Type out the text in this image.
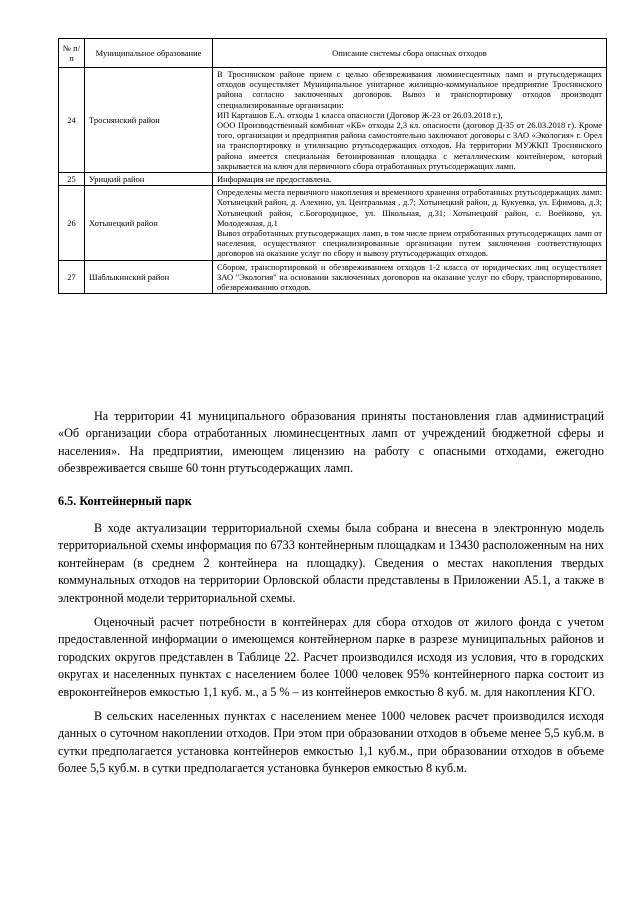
№ п/п	Муниципальное образование	Описание системы сбора опасных отходов
24	Троснянский район	В Троснянском районе прием с целью обезвреживания люминесцентных ламп и ртутьсодержащих отходов осуществляет Муниципальное унитарное жилищно-коммунальное предприятие Троснянского района согласно заключенных договоров. Вывоз и транспортировку отходов производят специализированные организации:
ИП Карташов Е.А. отходы 1 класса опасности (Договор Ж-23 от 26.03.2018 г.),
ООО Производственный комбинат «КБ» отходы 2,3 кл. опасности (договор Д-35 от 26.03.2018 г). Кроме того, организации и предприятия района самостоятельно заключают договоры с ЗАО «Экология» г. Орел на транспортировку и утилизацию ртутьсодержащих отходов. На территории МУЖКП Троснянского района имеется специальная бетонированная площадка с металлическим контейнером, который закрывается на ключ для первичного сбора отработанных ртутьсодержащих ламп.

25	Урицкий район	Информация не предоставлена.

26	Хотынецкий район	Определены места первичного накопления и временного хранения отработанных ртутьсодержащих ламп: Хотынецкий район, д. Алехино, ул. Центральная , д.7; Хотынецкий район, д. Кукуевка, ул. Ефимова, д.3; Хотынецкий район, с.Богородицкое, ул. Школьная, д.31; Хотынецкий район, с. Воейково, ул. Молодежная, д.1
Вывоз отработанных ртутьсодержащих ламп, в том числе прием отработанных ртутьсодержащих ламп от населения, осуществляют специализированные организации путем заключения соответствующих договоров на оказание услуг по сбору и вывозу ртутьсодержащих отходов.

27	Шаблыкинский район	Сбором, транспортировкой и обезвреживанием отходов 1-2 класса от юридических лиц осуществляет ЗАО "Экология" на основании заключенных договоров на оказание услуг по сбору, транспортированию, обезвреживанию отходов.

На территории 41 муниципального образования приняты постановления глав администраций «Об организации сбора отработанных люминесцентных ламп от учреждений бюджетной сферы и населения». На предприятии, имеющем лицензию на работу с опасными отходами, ежегодно обезвреживается свыше 60 тонн ртутьсодержащих ламп.

6.5. Контейнерный парк

В ходе актуализации территориальной схемы была собрана и внесена в электронную модель территориальной схемы информация по 6733 контейнерным площадкам и 13430 расположенным на них контейнерам (в среднем 2 контейнера на площадку). Сведения о местах накопления твердых коммунальных отходов на территории Орловской области представлены в Приложении А5.1, а также в электронной модели территориальной схемы.

Оценочный расчет потребности в контейнерах для сбора отходов от жилого фонда с учетом предоставленной информации о имеющемся контейнерном парке в разрезе муниципальных районов и городских округов представлен в Таблице 22. Расчет производился исходя из условия, что в городских округах и населенных пунктах с населением более 1000 человек 95% контейнерного парка состоит из евроконтейнеров емкостью 1,1 куб. м., а 5 % – из контейнеров емкостью 8 куб. м. для накопления КГО.

В сельских населенных пунктах с населением менее 1000 человек расчет производился исходя данных о суточном накоплении отходов. При этом при образовании отходов в объеме менее 5,5 куб.м. в сутки предполагается установка контейнеров емкостью 1,1 куб.м., при образовании отходов в объеме более 5,5 куб.м. в сутки предполагается установка бункеров емкостью 8 куб.м.
